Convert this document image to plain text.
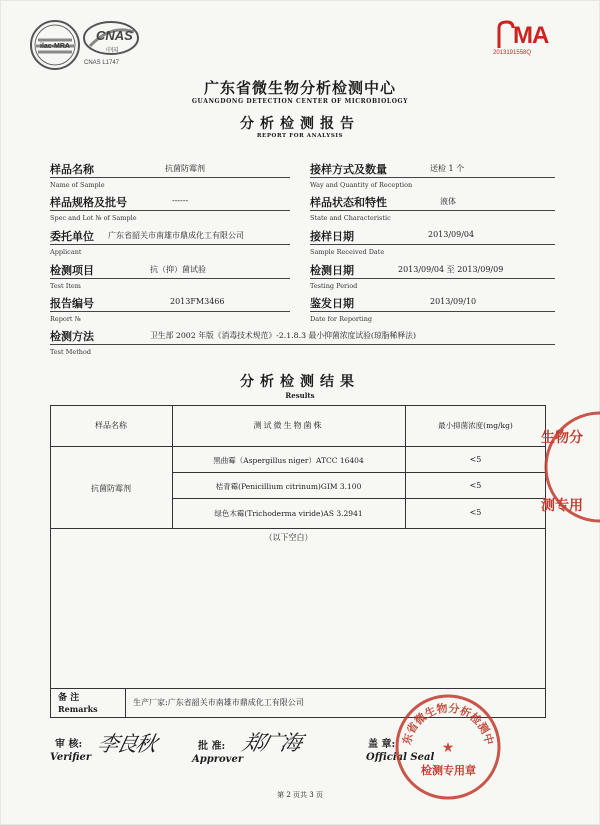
ilac-MRA
CNAS
中国
CNAS L1747
MA
2013191558Q
广东省微生物分析检测中心
GUANGDONG DETECTION CENTER OF MICROBIOLOGY
分析检测报告
REPORT FOR ANALYSIS
样品名称	抗菌防霉剂
Name of Sample
接样方式及数量	送检 1 个
Way and Quantity of Reception
样品规格及批号	------
Spec and Lot № of Sample
样品状态和特性	液体
State and Characteristic
委托单位 广东省韶关市南雄市鼎成化工有限公司
Applicant
接样日期	2013/09/04
Sample Received Date
检测项目	抗（抑）菌试验
Test Item
检测日期	2013/09/04 至 2013/09/09
Testing Period
报告编号	2013FM3466
Report №
鉴发日期	2013/09/10
Date for Reporting
检测方法	卫生部 2002 年版《消毒技术规范》-2.1.8.3 最小抑菌浓度试验(琼脂稀释法)
Test Method
分析检测结果
Results
样品名称	测试微生物菌株	最小抑菌浓度(mg/kg)
抗菌防霉剂
黑曲霉（Aspergillus niger）ATCC 16404	<5
桔青霉(Penicillium citrinum)GIM 3.100	<5
绿色木霉(Trichoderma viride)AS 3.2941	<5
（以下空白）
备 注
Remarks
生产厂家:广东省韶关市南雄市鼎成化工有限公司
审 核:
Verifier
李良秋	批 准:
Approver
郑广海	盖 章:
Official Seal
第 2 页共 3 页
生物分
测专用
东省微生物分析检测中
★
检测专用章
